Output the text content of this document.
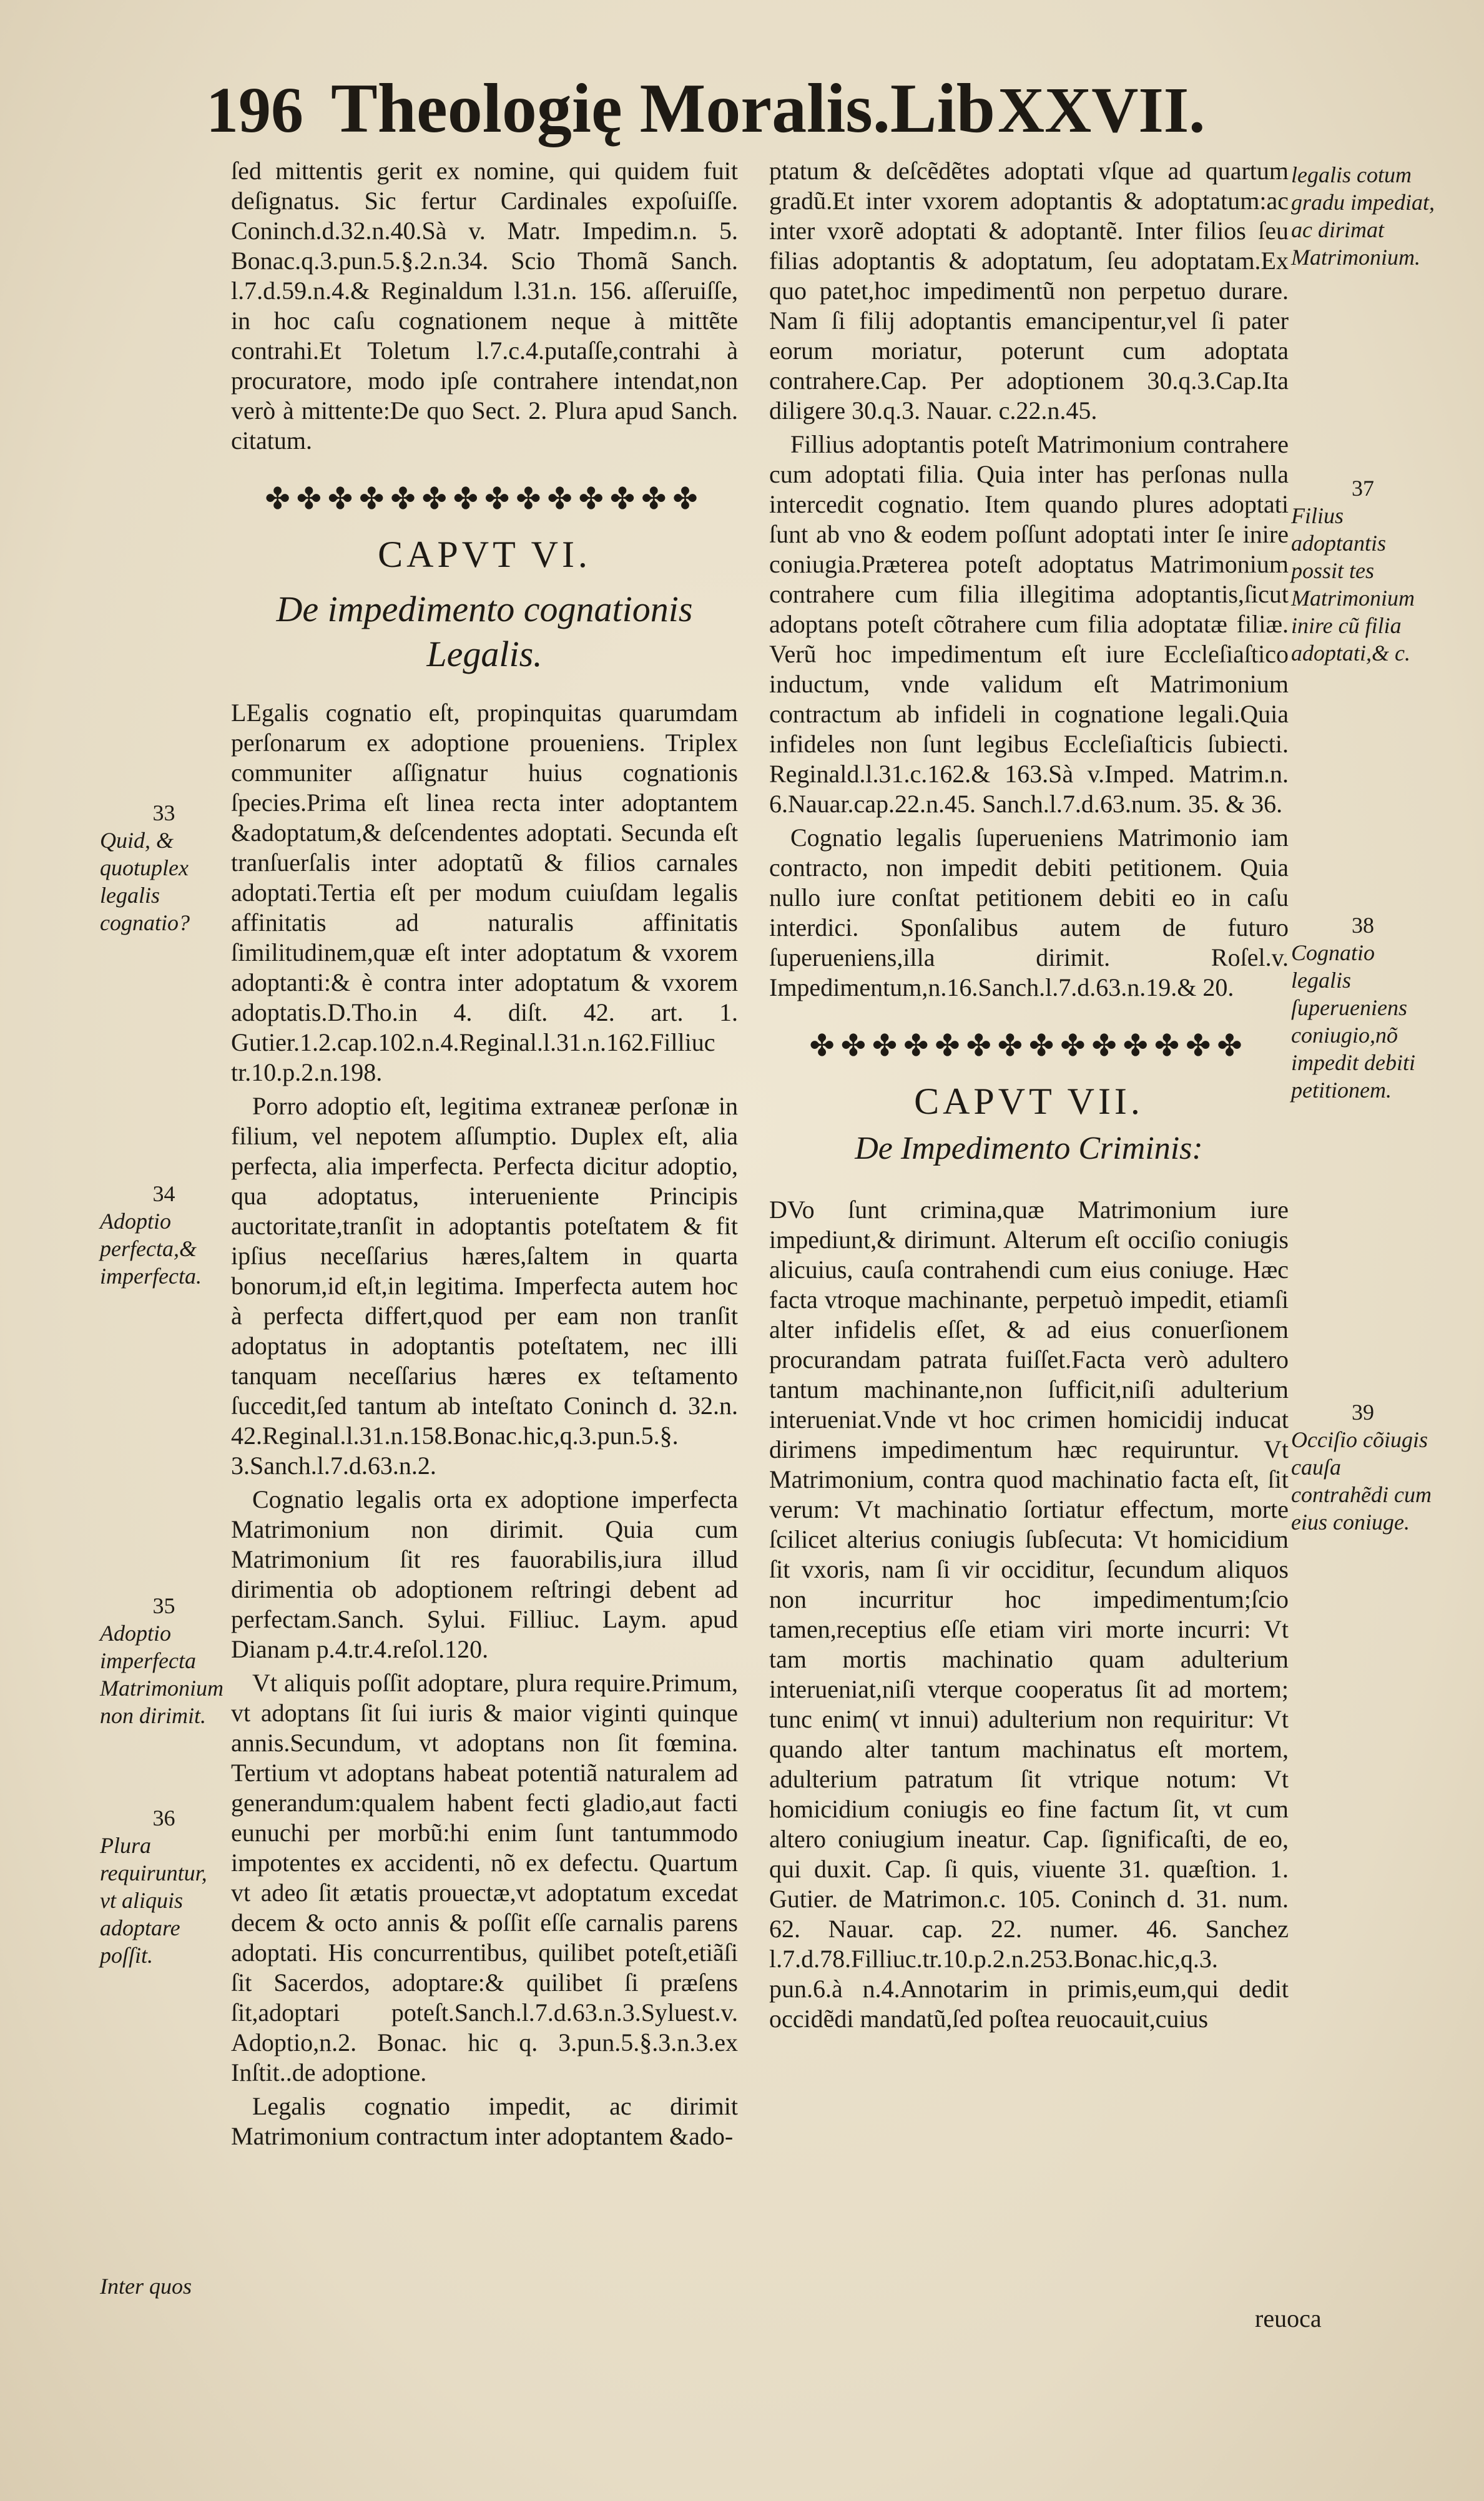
196 Theologię Moralis.Lib XXVII.

ſed mittentis gerit ex nomine, qui quidem fuit deſignatus. Sic fertur Cardinales expoſuiſſe. Coninch.d.32.n.40.Sà v. Matr. Impedim.n. 5. Bonac.q.3.pun.5.§.2.n.34. Scio Thomã Sanch. l.7.d.59.n.4.& Reginaldum l.31.n. 156. aſſeruiſſe, in hoc caſu cognationem neque à mittẽte contrahi.Et Toletum l.7.c.4.putaſſe,contrahi à procuratore, modo ipſe contrahere intendat,non verò à mittente:De quo Sect. 2. Plura apud Sanch. citatum.

✤✤✤✤✤✤✤✤✤✤✤✤✤✤
CAPVT VI.
De impedimento cognationis Legalis.

LEgalis cognatio eſt, propinquitas quarumdam perſonarum ex adoptione proueniens. Triplex communiter aſſignatur huius cognationis ſpecies.Prima eſt linea recta inter adoptantem &adoptatum,& deſcendentes adoptati. Secunda eſt tranſuerſalis inter adoptatũ & filios carnales adoptati.Tertia eſt per modum cuiuſdam legalis affinitatis ad naturalis affinitatis ſimilitudinem,quæ eſt inter adoptatum & vxorem adoptanti:& è contra inter adoptatum & vxorem adoptatis.D.Tho.in 4. diſt. 42. art. 1. Gutier.1.2.cap.102.n.4.Reginal.l.31.n.162.Filliuc tr.10.p.2.n.198.

Porro adoptio eſt, legitima extraneæ perſonæ in filium, vel nepotem aſſumptio. Duplex eſt, alia perfecta, alia imperfecta. Perfecta dicitur adoptio, qua adoptatus, interueniente Principis auctoritate,tranſit in adoptantis poteſtatem & fit ipſius neceſſarius hæres,ſaltem in quarta bonorum,id eſt,in legitima. Imperfecta autem hoc à perfecta differt,quod per eam non tranſit adoptatus in adoptantis poteſtatem, nec illi tanquam neceſſarius hæres ex teſtamento ſuccedit,ſed tantum ab inteſtato Coninch d. 32.n. 42.Reginal.l.31.n.158.Bonac.hic,q.3.pun.5.§. 3.Sanch.l.7.d.63.n.2.

Cognatio legalis orta ex adoptione imperfecta Matrimonium non dirimit. Quia cum Matrimonium ſit res fauorabilis,iura illud dirimentia ob adoptionem reſtringi debent ad perfectam.Sanch. Sylui. Filliuc. Laym. apud Dianam p.4.tr.4.reſol.120.

Vt aliquis poſſit adoptare, plura require.Primum, vt adoptans ſit ſui iuris & maior viginti quinque annis.Secundum, vt adoptans non ſit fœmina. Tertium vt adoptans habeat potentiã naturalem ad generandum:qualem habent fecti gladio,aut facti eunuchi per morbũ:hi enim ſunt tantummodo impotentes ex accidenti, nõ ex defectu. Quartum vt adeo ſit ætatis prouectæ,vt adoptatum excedat decem & octo annis & poſſit eſſe carnalis parens adoptati. His concurrentibus, quilibet poteſt,etiãſi ſit Sacerdos, adoptare:& quilibet ſi præſens ſit,adoptari poteſt.Sanch.l.7.d.63.n.3.Syluest.v. Adoptio,n.2. Bonac. hic q. 3.pun.5.§.3.n.3.ex Inſtit..de adoptione.

Legalis cognatio impedit, ac dirimit Matrimonium contractum inter adoptantem &ado-

33
Quid, & quotuplex legalis cognatio?
34
Adoptio perfecta,& imperfecta.
35
Adoptio imperfecta Matrimonium non dirimit.
36
Plura requiruntur, vt aliquis adoptare poſſit.
Inter quos

ptatum & deſcẽdẽtes adoptati vſque ad quartum gradũ.Et inter vxorem adoptantis & adoptatum:ac inter vxorẽ adoptati & adoptantẽ. Inter filios ſeu filias adoptantis & adoptatum, ſeu adoptatam.Ex quo patet,hoc impedimentũ non perpetuo durare. Nam ſi filij adoptantis emancipentur,vel ſi pater eorum moriatur, poterunt cum adoptata contrahere.Cap. Per adoptionem 30.q.3.Cap.Ita diligere 30.q.3. Nauar. c.22.n.45.

Fillius adoptantis poteſt Matrimonium contrahere cum adoptati filia. Quia inter has perſonas nulla intercedit cognatio. Item quando plures adoptati ſunt ab vno & eodem poſſunt adoptati inter ſe inire coniugia.Præterea poteſt adoptatus Matrimonium contrahere cum filia illegitima adoptantis,ſicut adoptans poteſt cõtrahere cum filia adoptatæ filiæ. Verũ hoc impedimentum eſt iure Eccleſiaſtico inductum, vnde validum eſt Matrimonium contractum ab infideli in cognatione legali.Quia infideles non ſunt legibus Eccleſiaſticis ſubiecti. Reginald.l.31.c.162.& 163.Sà v.Imped. Matrim.n. 6.Nauar.cap.22.n.45. Sanch.l.7.d.63.num. 35. & 36.

Cognatio legalis ſuperueniens Matrimonio iam contracto, non impedit debiti petitionem. Quia nullo iure conſtat petitionem debiti eo in caſu interdici. Sponſalibus autem de futuro ſuperueniens,illa dirimit. Roſel.v. Impedimentum,n.16.Sanch.l.7.d.63.n.19.& 20.

✤✤✤✤✤✤✤✤✤✤✤✤✤✤
CAPVT VII.
De Impedimento Criminis:

DVo ſunt crimina,quæ Matrimonium iure impediunt,& dirimunt. Alterum eſt occiſio coniugis alicuius, cauſa contrahendi cum eius coniuge. Hæc facta vtroque machinante, perpetuò impedit, etiamſi alter infidelis eſſet, & ad eius conuerſionem procurandam patrata fuiſſet.Facta verò adultero tantum machinante,non ſufficit,niſi adulterium interueniat.Vnde vt hoc crimen homicidij inducat dirimens impedimentum hæc requiruntur. Vt Matrimonium, contra quod machinatio facta eſt, ſit verum: Vt machinatio ſortiatur effectum, morte ſcilicet alterius coniugis ſubſecuta: Vt homicidium ſit vxoris, nam ſi vir occiditur, ſecundum aliquos non incurritur hoc impedimentum;ſcio tamen,receptius eſſe etiam viri morte incurri: Vt tam mortis machinatio quam adulterium interueniat,niſi vterque cooperatus ſit ad mortem; tunc enim( vt innui) adulterium non requiritur: Vt quando alter tantum machinatus eſt mortem, adulterium patratum ſit vtrique notum: Vt homicidium coniugis eo fine factum ſit, vt cum altero coniugium ineatur. Cap. ſignificaſti, de eo, qui duxit. Cap. ſi quis, viuente 31. quæſtion. 1. Gutier. de Matrimon.c. 105. Coninch d. 31. num. 62. Nauar. cap. 22. numer. 46. Sanchez l.7.d.78.Filliuc.tr.10.p.2.n.253.Bonac.hic,q.3. pun.6.à n.4.Annotarim in primis,eum,qui dedit occidẽdi mandatũ,ſed poſtea reuocauit,cuius

legalis cotum gradu impediat, ac dirimat Matrimonium.
37
Filius adoptantis possit tes Matrimonium inire cũ filia adoptati,& c.
38
Cognatio legalis ſuperueniens coniugio,nõ impedit debiti petitionem.
39
Occiſio cõiugis cauſa contrahẽdi cum eius coniuge.
reuoca
